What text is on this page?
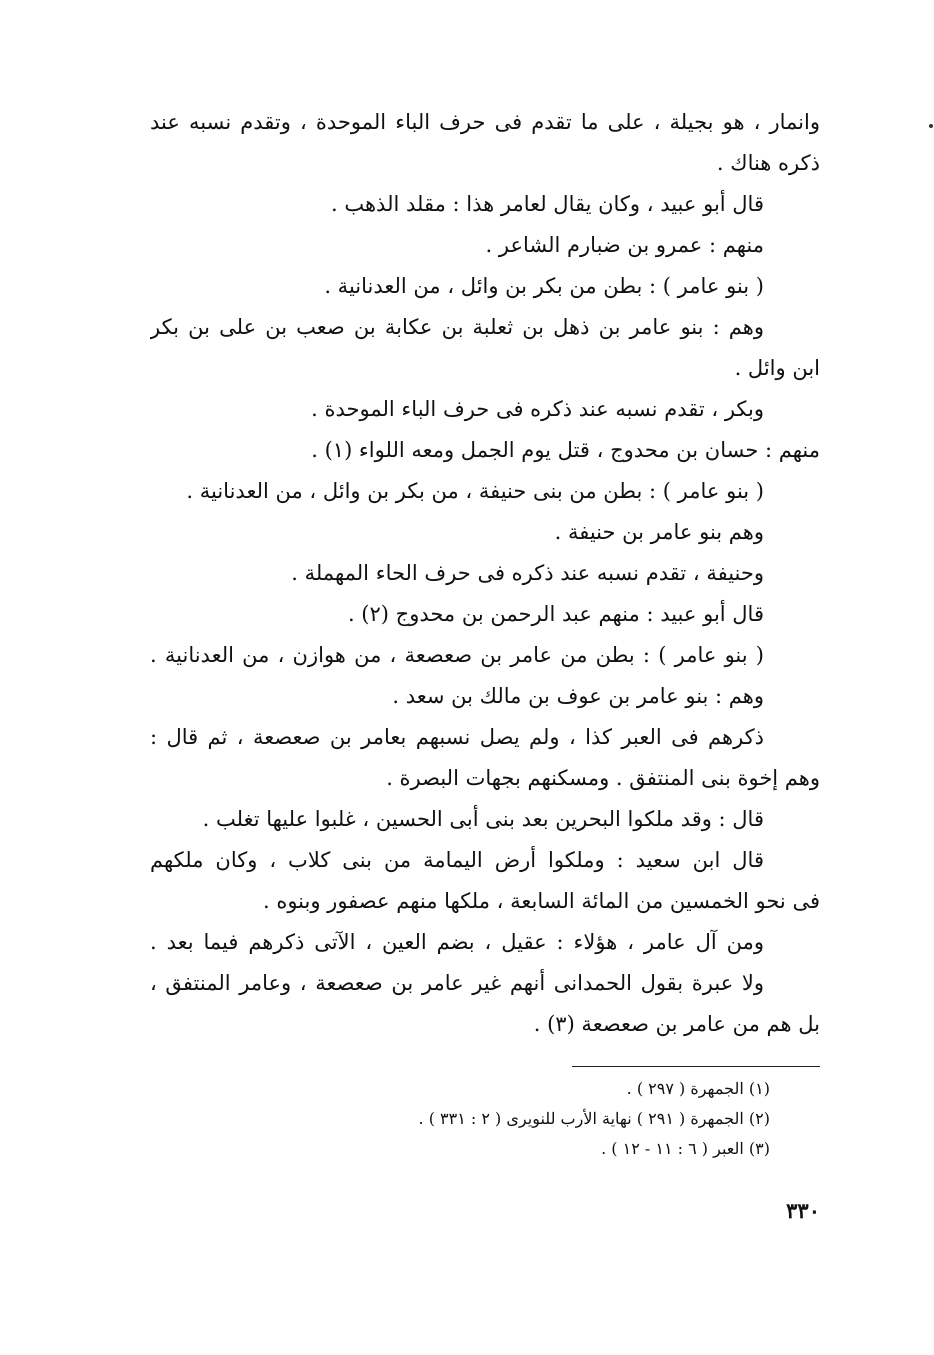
وانمار ، هو بجيلة ، على ما تقدم فى حرف الباء الموحدة ، وتقدم نسبه عند
ذكره هناك .
قال أبو عبيد ، وكان يقال لعامر هذا : مقلد الذهب .
منهم : عمرو بن ضبارم الشاعر .
( بنو عامر ) : بطن من بكر بن وائل ، من العدنانية .
وهم : بنو عامر بن ذهل بن ثعلبة بن عكابة بن صعب بن على بن بكر
ابن وائل .
وبكر ، تقدم نسبه عند ذكره فى حرف الباء الموحدة .
منهم : حسان بن محدوج ، قتل يوم الجمل ومعه اللواء (١) .
( بنو عامر ) : بطن من بنى حنيفة ، من بكر بن وائل ، من العدنانية .
وهم بنو عامر بن حنيفة .
وحنيفة ، تقدم نسبه عند ذكره فى حرف الحاء المهملة .
قال أبو عبيد : منهم عبد الرحمن بن محدوج (٢) .
( بنو عامر ) : بطن من عامر بن صعصعة ، من هوازن ، من العدنانية .
وهم : بنو عامر بن عوف بن مالك بن سعد .
ذكرهم فى العبر كذا ، ولم يصل نسبهم بعامر بن صعصعة ، ثم قال :
وهم إخوة بنى المنتفق . ومسكنهم بجهات البصرة .
قال : وقد ملكوا البحرين بعد بنى أبى الحسين ، غلبوا عليها تغلب .
قال ابن سعيد : وملكوا أرض اليمامة من بنى كلاب ، وكان ملكهم
فى نحو الخمسين من المائة السابعة ، ملكها منهم عصفور وبنوه .
ومن آل عامر ، هؤلاء : عقيل ، بضم العين ، الآتى ذكرهم فيما بعد .
ولا عبرة بقول الحمدانى أنهم غير عامر بن صعصعة ، وعامر المنتفق ،
بل هم من عامر بن صعصعة (٣) .
(١) الجمهرة ( ٢٩٧ ) .
(٢) الجمهرة ( ٢٩١ ) نهاية الأرب للنويرى ( ٢ : ٣٣١ ) .
(٣) العبر ( ٦ : ١١ - ١٢ ) .
٣٣٠
